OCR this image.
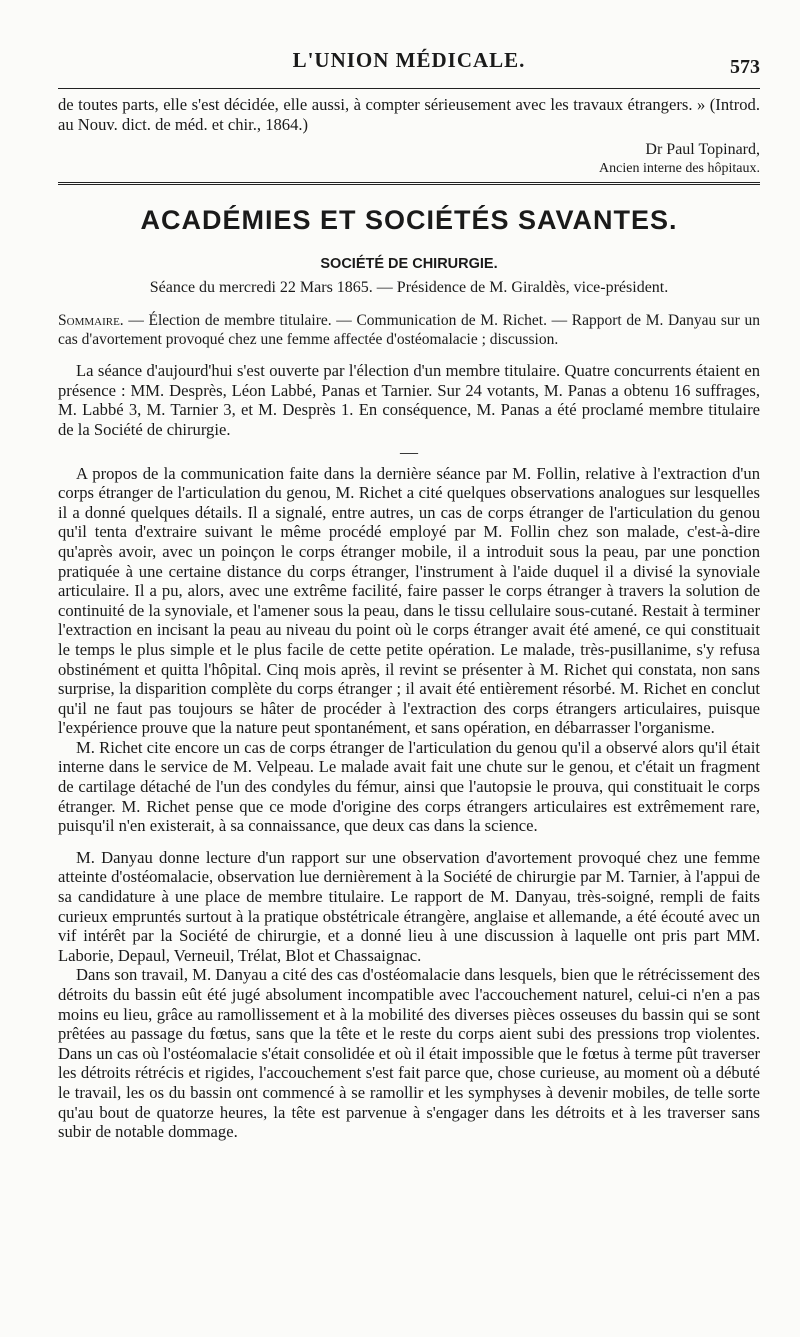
L'UNION MÉDICALE.	573

de toutes parts, elle s'est décidée, elle aussi, à compter sérieusement avec les travaux étrangers. » (Introd. au Nouv. dict. de méd. et chir., 1864.)

Dr Paul Topinard,
Ancien interne des hôpitaux.
ACADÉMIES ET SOCIÉTÉS SAVANTES.
SOCIÉTÉ DE CHIRURGIE.
Séance du mercredi 22 Mars 1865. — Présidence de M. Giraldès, vice-président.

Sommaire. — Élection de membre titulaire. — Communication de M. Richet. — Rapport de M. Danyau sur un cas d'avortement provoqué chez une femme affectée d'ostéomalacie ; discussion.

La séance d'aujourd'hui s'est ouverte par l'élection d'un membre titulaire. Quatre concurrents étaient en présence : MM. Desprès, Léon Labbé, Panas et Tarnier. Sur 24 votants, M. Panas a obtenu 16 suffrages, M. Labbé 3, M. Tarnier 3, et M. Desprès 1. En conséquence, M. Panas a été proclamé membre titulaire de la Société de chirurgie.

—

A propos de la communication faite dans la dernière séance par M. Follin, relative à l'extraction d'un corps étranger de l'articulation du genou, M. Richet a cité quelques observations analogues sur lesquelles il a donné quelques détails. Il a signalé, entre autres, un cas de corps étranger de l'articulation du genou qu'il tenta d'extraire suivant le même procédé employé par M. Follin chez son malade, c'est-à-dire qu'après avoir, avec un poinçon le corps étranger mobile, il a introduit sous la peau, par une ponction pratiquée à une certaine distance du corps étranger, l'instrument à l'aide duquel il a divisé la synoviale articulaire. Il a pu, alors, avec une extrême facilité, faire passer le corps étranger à travers la solution de continuité de la synoviale, et l'amener sous la peau, dans le tissu cellulaire sous-cutané. Restait à terminer l'extraction en incisant la peau au niveau du point où le corps étranger avait été amené, ce qui constituait le temps le plus simple et le plus facile de cette petite opération. Le malade, très-pusillanime, s'y refusa obstinément et quitta l'hôpital. Cinq mois après, il revint se présenter à M. Richet qui constata, non sans surprise, la disparition complète du corps étranger ; il avait été entièrement résorbé. M. Richet en conclut qu'il ne faut pas toujours se hâter de procéder à l'extraction des corps étrangers articulaires, puisque l'expérience prouve que la nature peut spontanément, et sans opération, en débarrasser l'organisme.

M. Richet cite encore un cas de corps étranger de l'articulation du genou qu'il a observé alors qu'il était interne dans le service de M. Velpeau. Le malade avait fait une chute sur le genou, et c'était un fragment de cartilage détaché de l'un des condyles du fémur, ainsi que l'autopsie le prouva, qui constituait le corps étranger. M. Richet pense que ce mode d'origine des corps étrangers articulaires est extrêmement rare, puisqu'il n'en existerait, à sa connaissance, que deux cas dans la science.

M. Danyau donne lecture d'un rapport sur une observation d'avortement provoqué chez une femme atteinte d'ostéomalacie, observation lue dernièrement à la Société de chirurgie par M. Tarnier, à l'appui de sa candidature à une place de membre titulaire. Le rapport de M. Danyau, très-soigné, rempli de faits curieux empruntés surtout à la pratique obstétricale étrangère, anglaise et allemande, a été écouté avec un vif intérêt par la Société de chirurgie, et a donné lieu à une discussion à laquelle ont pris part MM. Laborie, Depaul, Verneuil, Trélat, Blot et Chassaignac.

Dans son travail, M. Danyau a cité des cas d'ostéomalacie dans lesquels, bien que le rétrécissement des détroits du bassin eût été jugé absolument incompatible avec l'accouchement naturel, celui-ci n'en a pas moins eu lieu, grâce au ramollissement et à la mobilité des diverses pièces osseuses du bassin qui se sont prêtées au passage du fœtus, sans que la tête et le reste du corps aient subi des pressions trop violentes. Dans un cas où l'ostéomalacie s'était consolidée et où il était impossible que le fœtus à terme pût traverser les détroits rétrécis et rigides, l'accouchement s'est fait parce que, chose curieuse, au moment où a débuté le travail, les os du bassin ont commencé à se ramollir et les symphyses à devenir mobiles, de telle sorte qu'au bout de quatorze heures, la tête est parvenue à s'engager dans les détroits et à les traverser sans subir de notable dommage.
